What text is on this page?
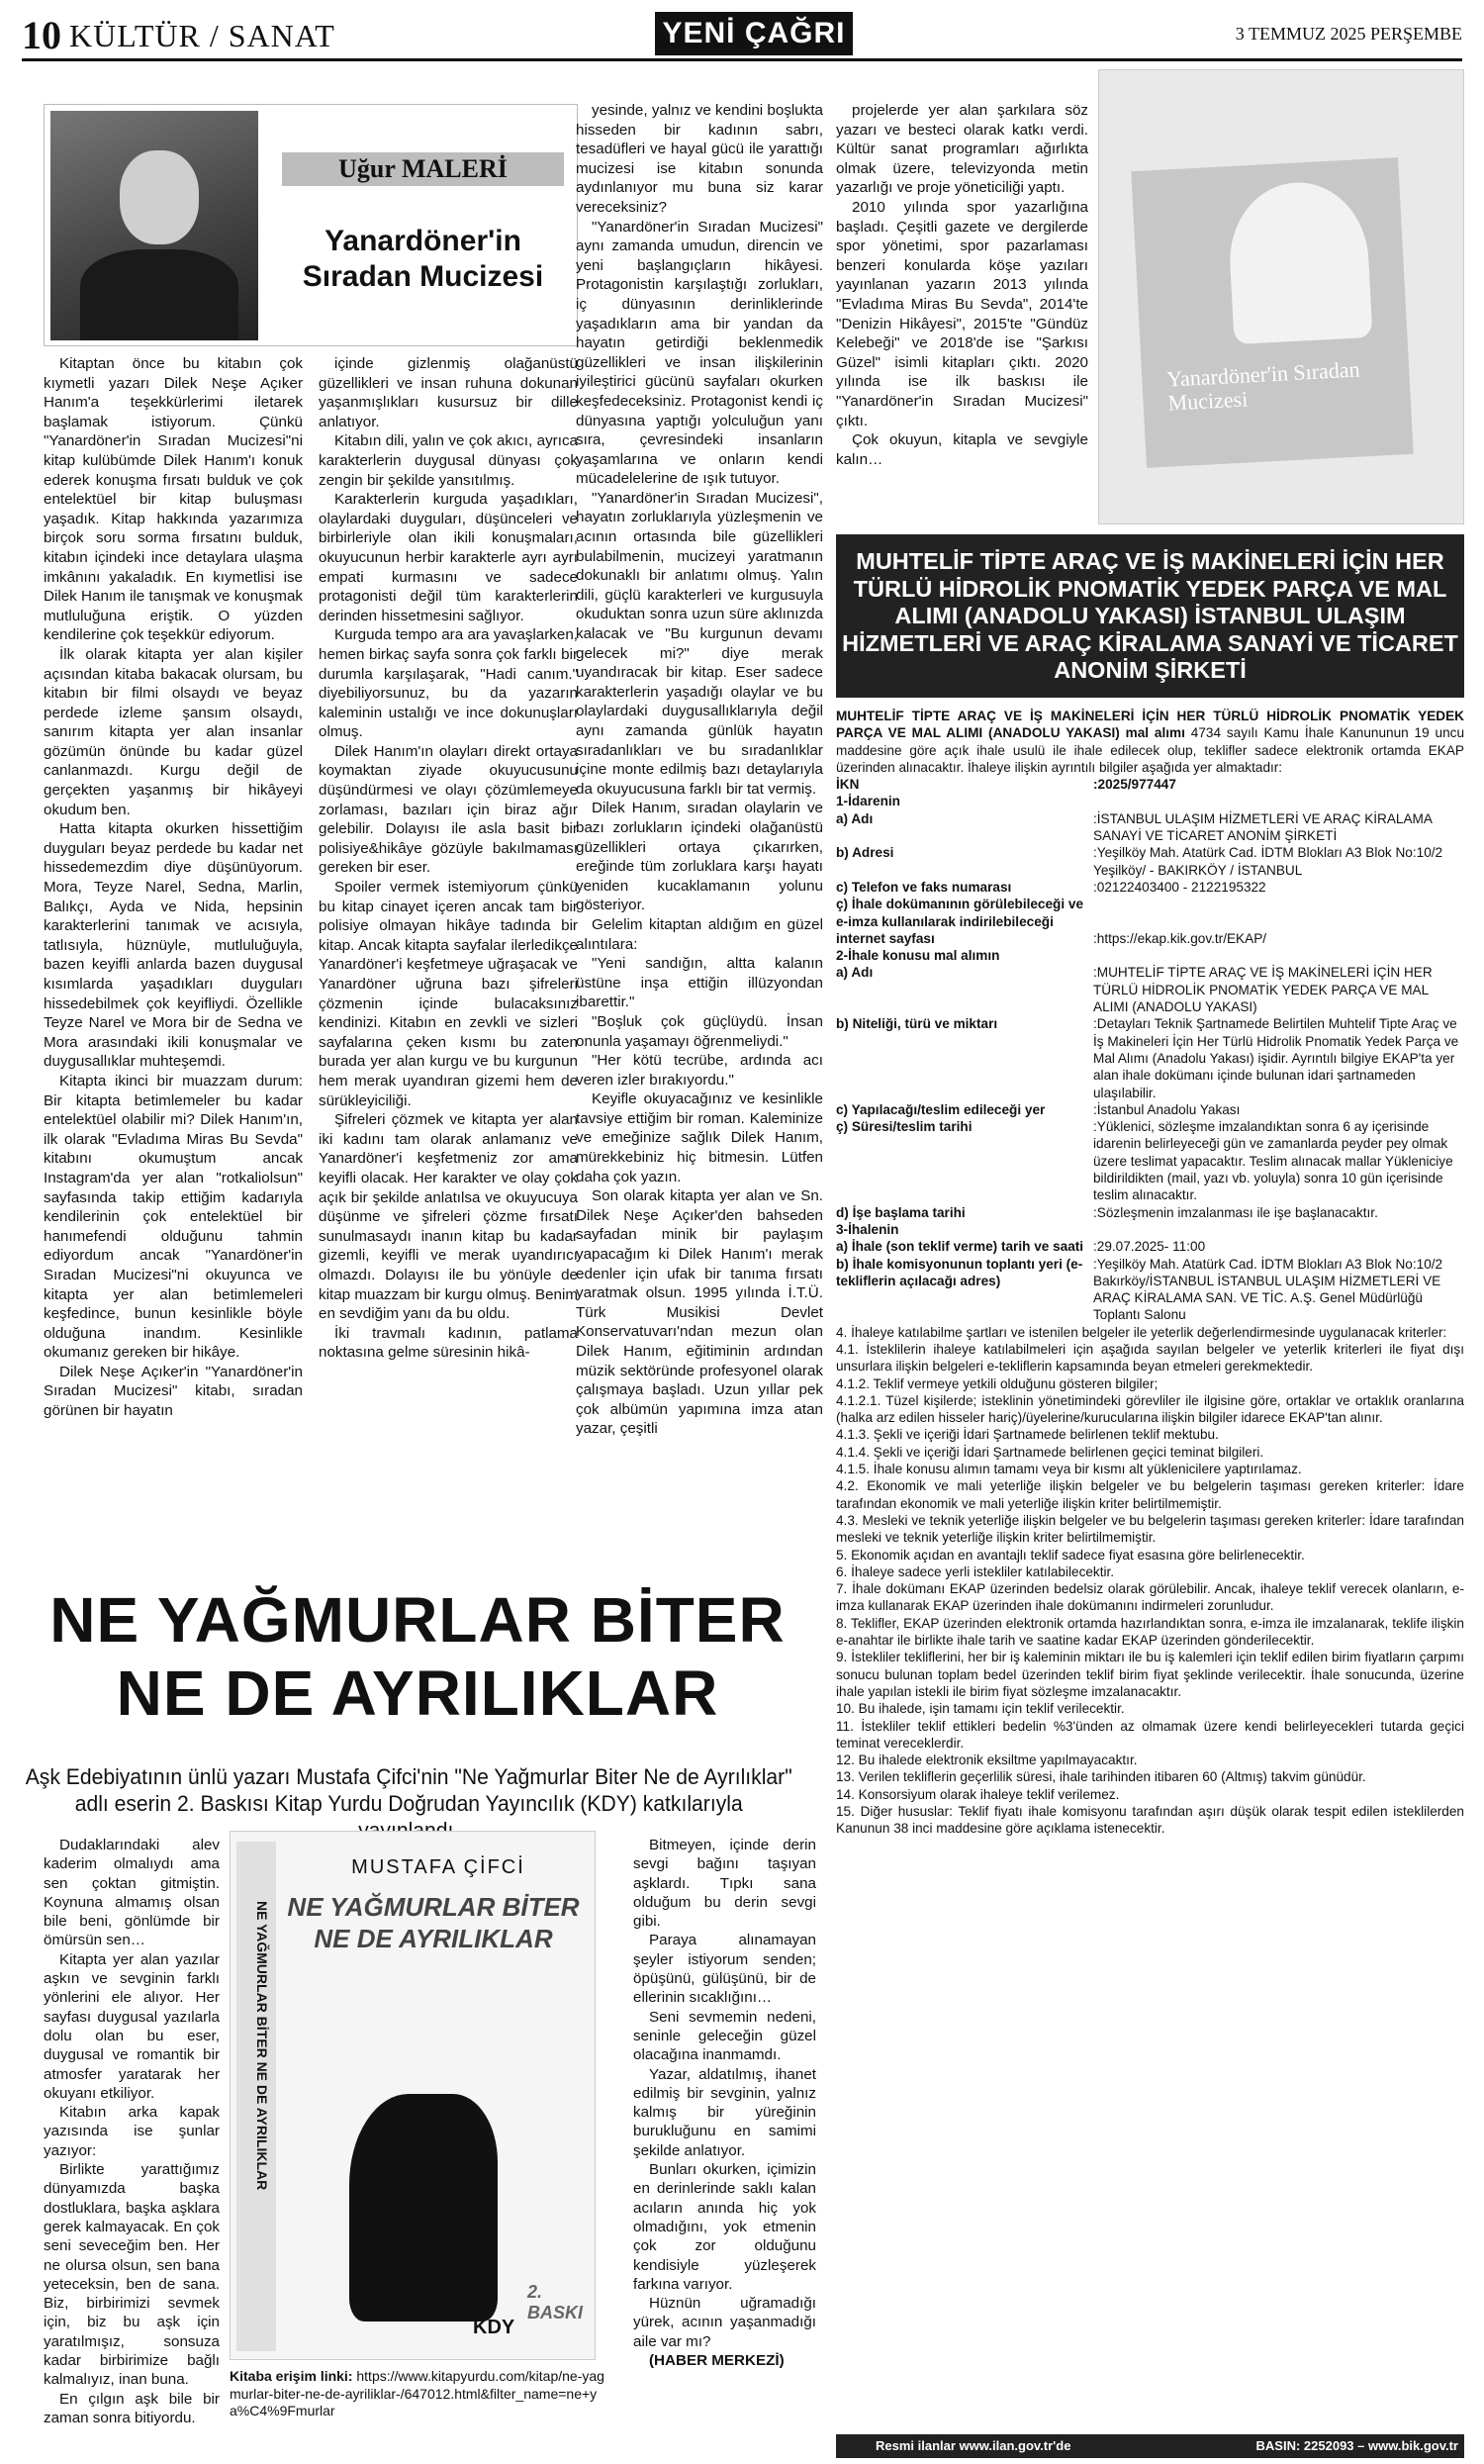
10 KÜLTÜR / SANAT	YENİ ÇAĞRI	3 TEMMUZ 2025 PERŞEMBE
Uğur MALERİ
Yanardöner'in Sıradan Mucizesi

Kitaptan önce bu kitabın çok kıymetli yazarı Dilek Neşe Açıker Hanım'a teşekkürlerimi iletarek başlamak istiyorum. Çünkü "Yanardöner'in Sıradan Mucizesi"ni kitap kulübümde Dilek Hanım'ı konuk ederek konuşma fırsatı bulduk ve çok entelektüel bir kitap buluşması yaşadık. Kitap hakkında yazarımıza birçok soru sorma fırsatını bulduk, kitabın içindeki ince detaylara ulaşma imkânını yakaladık. En kıymetlisi ise Dilek Hanım ile tanışmak ve konuşmak mutluluğuna eriştik. O yüzden kendilerine çok teşekkür ediyorum.

İlk olarak kitapta yer alan kişiler açısından kitaba bakacak olursam, bu kitabın bir filmi olsaydı ve beyaz perdede izleme şansım olsaydı, sanırım kitapta yer alan insanlar gözümün önünde bu kadar güzel canlanmazdı. Kurgu değil de gerçekten yaşanmış bir hikâyeyi okudum ben.

Hatta kitapta okurken hissettiğim duyguları beyaz perdede bu kadar net hissedemezdim diye düşünüyorum. Mora, Teyze Narel, Sedna, Marlin, Balıkçı, Ayda ve Nida, hepsinin karakterlerini tanımak ve acısıyla, tatlısıyla, hüznüyle, mutluluğuyla, bazen keyifli anlarda bazen duygusal kısımlarda yaşadıkları duyguları hissedebilmek çok keyifliydi. Özellikle Teyze Narel ve Mora bir de Sedna ve Mora arasındaki ikili konuşmalar ve duygusallıklar muhteşemdi.

Kitapta ikinci bir muazzam durum: Bir kitapta betimlemeler bu kadar entelektüel olabilir mi? Dilek Hanım'ın, ilk olarak "Evladıma Miras Bu Sevda" kitabını okumuştum ancak Instagram'da yer alan "rotkaliolsun" sayfasında takip ettiğim kadarıyla kendilerinin çok entelektüel bir hanımefendi olduğunu tahmin ediyordum ancak "Yanardöner'in Sıradan Mucizesi"ni okuyunca ve kitapta yer alan betimlemeleri keşfedince, bunun kesinlikle böyle olduğuna inandım. Kesinlikle okumanız gereken bir hikâye.

Dilek Neşe Açıker'in "Yanardöner'in Sıradan Mucizesi" kitabı, sıradan görünen bir hayatın

içinde gizlenmiş olağanüstü güzellikleri ve insan ruhuna dokunan yaşanmışlıkları kusursuz bir dille anlatıyor.

Kitabın dili, yalın ve çok akıcı, ayrıca karakterlerin duygusal dünyası çok zengin bir şekilde yansıtılmış.

Karakterlerin kurguda yaşadıkları, olaylardaki duyguları, düşünceleri ve birbirleriyle olan ikili konuşmaları, okuyucunun herbir karakterle ayrı ayrı empati kurmasını ve sadece protagonisti değil tüm karakterlerin derinden hissetmesini sağlıyor.

Kurguda tempo ara ara yavaşlarken, hemen birkaç sayfa sonra çok farklı bir durumla karşılaşarak, "Hadi canım." diyebiliyorsunuz, bu da yazarın kaleminin ustalığı ve ince dokunuşları olmuş.

Dilek Hanım'ın olayları direkt ortaya koymaktan ziyade okuyucusunu düşündürmesi ve olayı çözümlemeye zorlaması, bazıları için biraz ağır gelebilir. Dolayısı ile asla basit bir polisiye&hikâye gözüyle bakılmaması gereken bir eser.

Spoiler vermek istemiyorum çünkü bu kitap cinayet içeren ancak tam bir polisiye olmayan hikâye tadında bir kitap. Ancak kitapta sayfalar ilerledikçe Yanardöner'i keşfetmeye uğraşacak ve Yanardöner uğruna bazı şifreleri çözmenin içinde bulacaksınız kendinizi. Kitabın en zevkli ve sizleri sayfalarına çeken kısmı bu zaten burada yer alan kurgu ve bu kurgunun hem merak uyandıran gizemi hem de sürükleyiciliği.

Şifreleri çözmek ve kitapta yer alan iki kadını tam olarak anlamanız ve Yanardöner'i keşfetmeniz zor ama keyifli olacak. Her karakter ve olay çok açık bir şekilde anlatılsa ve okuyucuya düşünme ve şifreleri çözme fırsatı sunulmasaydı inanın kitap bu kadar gizemli, keyifli ve merak uyandırıcı olmazdı. Dolayısı ile bu yönüyle de kitap muazzam bir kurgu olmuş. Benim en sevdiğim yanı da bu oldu.

İki travmalı kadının, patlama noktasına gelme süresinin hikâ-

yesinde, yalnız ve kendini boşlukta hisseden bir kadının sabrı, tesadüfleri ve hayal gücü ile yarattığı mucizesi ise kitabın sonunda aydınlanıyor mu buna siz karar vereceksiniz?

"Yanardöner'in Sıradan Mucizesi" aynı zamanda umudun, direncin ve yeni başlangıçların hikâyesi. Protagonistin karşılaştığı zorlukları, iç dünyasının derinliklerinde yaşadıkların ama bir yandan da hayatın getirdiği beklenmedik güzellikleri ve insan ilişkilerinin iyileştirici gücünü sayfaları okurken keşfedeceksiniz. Protagonist kendi iç dünyasına yaptığı yolculuğun yanı sıra, çevresindeki insanların yaşamlarına ve onların kendi mücadelelerine de ışık tutuyor.

"Yanardöner'in Sıradan Mucizesi", hayatın zorluklarıyla yüzleşmenin ve acının ortasında bile güzellikleri bulabilmenin, mucizeyi yaratmanın dokunaklı bir anlatımı olmuş. Yalın dili, güçlü karakterleri ve kurgusuyla okuduktan sonra uzun süre aklınızda kalacak ve "Bu kurgunun devamı gelecek mi?" diye merak uyandıracak bir kitap. Eser sadece karakterlerin yaşadığı olaylar ve bu olaylardaki duygusallıklarıyla değil aynı zamanda günlük hayatın sıradanlıkları ve bu sıradanlıklar içine monte edilmiş bazı detaylarıyla da okuyucusuna farklı bir tat vermiş.

Dilek Hanım, sıradan olaylarin ve bazı zorlukların içindeki olağanüstü güzellikleri ortaya çıkarırken, ereğinde tüm zorluklara karşı hayatı yeniden kucaklamanın yolunu gösteriyor.

Gelelim kitaptan aldığım en güzel alıntılara:

"Yeni sandığın, altta kalanın üstüne inşa ettiğin illüzyondan ibarettir."

"Boşluk çok güçlüydü. İnsan onunla yaşamayı öğrenmeliydi."

"Her kötü tecrübe, ardında acı veren izler bırakıyordu."

Keyifle okuyacağınız ve kesinlikle tavsiye ettiğim bir roman. Kaleminize ve emeğinize sağlık Dilek Hanım, mürekkebiniz hiç bitmesin. Lütfen daha çok yazın.

Son olarak kitapta yer alan ve Sn. Dilek Neşe Açıker'den bahseden sayfadan minik bir paylaşım yapacağım ki Dilek Hanım'ı merak edenler için ufak bir tanıma fırsatı yaratmak olsun. 1995 yılında İ.T.Ü. Türk Musikisi Devlet Konservatuvarı'ndan mezun olan Dilek Hanım, eğitiminin ardından müzik sektöründe profesyonel olarak çalışmaya başladı. Uzun yıllar pek çok albümün yapımına imza atan yazar, çeşitli

projelerde yer alan şarkılara söz yazarı ve besteci olarak katkı verdi. Kültür sanat programları ağırlıkta olmak üzere, televizyonda metin yazarlığı ve proje yöneticiliği yaptı.

2010 yılında spor yazarlığına başladı. Çeşitli gazete ve dergilerde spor yönetimi, spor pazarlaması benzeri konularda köşe yazıları yayınlanan yazarın 2013 yılında "Evladıma Miras Bu Sevda", 2014'te "Denizin Hikâyesi", 2015'te "Gündüz Kelebeği" ve 2018'de ise "Şarkısı Güzel" isimli kitapları çıktı. 2020 yılında ise ilk baskısı ile "Yanardöner'in Sıradan Mucizesi" çıktı.

Çok okuyun, kitapla ve sevgiyle kalın…

Yanardöner'in Sıradan Mucizesi
MUHTELİF TİPTE ARAÇ VE İŞ MAKİNELERİ İÇİN HER TÜRLÜ HİDROLİK PNOMATİK YEDEK PARÇA VE MAL ALIMI (ANADOLU YAKASI) İSTANBUL ULAŞIM HİZMETLERİ VE ARAÇ KİRALAMA SANAYİ VE TİCARET ANONİM ŞİRKETİ
MUHTELİF TİPTE ARAÇ VE İŞ MAKİNELERİ İÇİN HER TÜRLÜ HİDROLİK PNOMATİK YEDEK PARÇA VE MAL ALIMI (ANADOLU YAKASI) mal alımı 4734 sayılı Kamu İhale Kanununun 19 uncu maddesine göre açık ihale usulü ile ihale edilecek olup, teklifler sadece elektronik ortamda EKAP üzerinden alınacaktır. İhaleye ilişkin ayrıntılı bilgiler aşağıda yer almaktadır:
İKN	:2025/977447
1-İdarenin
a) Adı	:İSTANBUL ULAŞIM HİZMETLERİ VE ARAÇ KİRALAMA SANAYİ VE TİCARET ANONİM ŞİRKETİ
b) Adresi	:Yeşilköy Mah. Atatürk Cad. İDTM Blokları A3 Blok No:10/2 Yeşilköy/ - BAKIRKÖY / İSTANBUL
c) Telefon ve faks numarası	:02122403400 - 2122195322
ç) İhale dokümanının görülebileceği ve e-imza kullanılarak indirilebileceği internet sayfası	:https://ekap.kik.gov.tr/EKAP/
2-İhale konusu mal alımın
a) Adı	:MUHTELİF TİPTE ARAÇ VE İŞ MAKİNELERİ İÇİN HER TÜRLÜ HİDROLİK PNOMATİK YEDEK PARÇA VE MAL ALIMI (ANADOLU YAKASI)
b) Niteliği, türü ve miktarı	:Detayları Teknik Şartnamede Belirtilen Muhtelif Tipte Araç ve İş Makineleri İçin Her Türlü Hidrolik Pnomatik Yedek Parça ve Mal Alımı (Anadolu Yakası) işidir. Ayrıntılı bilgiye EKAP'ta yer alan ihale dokümanı içinde bulunan idari şartnameden ulaşılabilir.
c) Yapılacağı/teslim edileceği yer	:İstanbul Anadolu Yakası
ç) Süresi/teslim tarihi	:Yüklenici, sözleşme imzalandıktan sonra 6 ay içerisinde idarenin belirleyeceği gün ve zamanlarda peyder pey olmak üzere teslimat yapacaktır. Teslim alınacak mallar Yükleniciye bildirildikten (mail, yazı vb. yoluyla) sonra 10 gün içerisinde teslim alınacaktır.
d) İşe başlama tarihi	:Sözleşmenin imzalanması ile işe başlanacaktır.
3-İhalenin
a) İhale (son teklif verme) tarih ve saati :29.07.2025- 11:00
b) İhale komisyonunun toplantı yeri (e-tekliflerin açılacağı adres)
:Yeşilköy Mah. Atatürk Cad. İDTM Blokları A3 Blok No:10/2 Bakırköy/İSTANBUL İSTANBUL ULAŞIM HİZMETLERİ VE ARAÇ KİRALAMA SAN. VE TİC. A.Ş. Genel Müdürlüğü Toplantı Salonu
4. İhaleye katılabilme şartları ve istenilen belgeler ile yeterlik değerlendirmesinde uygulanacak kriterler:
4.1. İsteklilerin ihaleye katılabilmeleri için aşağıda sayılan belgeler ve yeterlik kriterleri ile fiyat dışı unsurlara ilişkin belgeleri e-tekliflerin kapsamında beyan etmeleri gerekmektedir.
4.1.2. Teklif vermeye yetkili olduğunu gösteren bilgiler;
4.1.2.1. Tüzel kişilerde; isteklinin yönetimindeki görevliler ile ilgisine göre, ortaklar ve ortaklık oranlarına (halka arz edilen hisseler hariç)/üyelerine/kurucularına ilişkin bilgiler idarece EKAP'tan alınır.
4.1.3. Şekli ve içeriği İdari Şartnamede belirlenen teklif mektubu.
4.1.4. Şekli ve içeriği İdari Şartnamede belirlenen geçici teminat bilgileri.
4.1.5. İhale konusu alımın tamamı veya bir kısmı alt yüklenicilere yaptırılamaz.
4.2. Ekonomik ve mali yeterliğe ilişkin belgeler ve bu belgelerin taşıması gereken kriterler: İdare tarafından ekonomik ve mali yeterliğe ilişkin kriter belirtilmemiştir.
4.3. Mesleki ve teknik yeterliğe ilişkin belgeler ve bu belgelerin taşıması gereken kriterler: İdare tarafından mesleki ve teknik yeterliğe ilişkin kriter belirtilmemiştir.
5. Ekonomik açıdan en avantajlı teklif sadece fiyat esasına göre belirlenecektir.
6. İhaleye sadece yerli istekliler katılabilecektir.
7. İhale dokümanı EKAP üzerinden bedelsiz olarak görülebilir. Ancak, ihaleye teklif verecek olanların, e-imza kullanarak EKAP üzerinden ihale dokümanını indirmeleri zorunludur.
8. Teklifler, EKAP üzerinden elektronik ortamda hazırlandıktan sonra, e-imza ile imzalanarak, teklife ilişkin e-anahtar ile birlikte ihale tarih ve saatine kadar EKAP üzerinden gönderilecektir.
9. İstekliler tekliflerini, her bir iş kaleminin miktarı ile bu iş kalemleri için teklif edilen birim fiyatların çarpımı sonucu bulunan toplam bedel üzerinden teklif birim fiyat şeklinde verilecektir. İhale sonucunda, üzerine ihale yapılan istekli ile birim fiyat sözleşme imzalanacaktır.
10. Bu ihalede, işin tamamı için teklif verilecektir.
11. İstekliler teklif ettikleri bedelin %3'ünden az olmamak üzere kendi belirleyecekleri tutarda geçici teminat vereceklerdir.
12. Bu ihalede elektronik eksiltme yapılmayacaktır.
13. Verilen tekliflerin geçerlilik süresi, ihale tarihinden itibaren 60 (Altmış) takvim günüdür.
14. Konsorsiyum olarak ihaleye teklif verilemez.
15. Diğer hususlar: Teklif fiyatı ihale komisyonu tarafından aşırı düşük olarak tespit edilen isteklilerden Kanunun 38 inci maddesine göre açıklama istenecektir.
Resmi ilanlar www.ilan.gov.tr'de	BASIN: 2252093 – www.bik.gov.tr
NE YAĞMURLAR BİTER NE DE AYRILIKLAR
Aşk Edebiyatının ünlü yazarı Mustafa Çifci'nin "Ne Yağmurlar Biter Ne de Ayrılıklar" adlı eserin 2. Baskısı Kitap Yurdu Doğrudan Yayıncılık (KDY) katkılarıyla

Dudaklarındaki alev kaderim olmalıydı ama sen çoktan gitmiştin. Koynuna almamış olsan bile beni, gönlümde bir ömürsün sen…

Kitapta yer alan yazılar aşkın ve sevginin farklı yönlerini ele alıyor. Her sayfası duygusal yazılarla dolu olan bu eser, duygusal ve romantik bir atmosfer yaratarak her okuyanı etkiliyor.

Kitabın arka kapak yazısında ise şunlar yazıyor:

Birlikte yarattığımız dünyamızda başka dostluklara, başka aşklara gerek kalmayacak. En çok seni seveceğim ben. Her ne olursa olsun, sen bana yeteceksin, ben de sana. Biz, birbirimizi sevmek için, biz bu aşk için yaratılmışız, sonsuza kadar birbirimize bağlı kalmalıyız, inan buna.

En çılgın aşk bile bir zaman sonra bitiyordu.

NE YAĞMURLAR BİTER NE DE AYRILIKLAR
MUSTAFA ÇİFCİ
NE YAĞMURLAR BİTER NE DE AYRILIKLAR
2. BASKI
KDY
Kitaba erişim linki: https://www.kitapyurdu.com/kitap/ne-yagmurlar-biter-ne-de-ayriliklar-/647012.html&filter_name=ne+ya%C4%9Fmurlar

Bitmeyen, içinde derin sevgi bağını taşıyan aşklardı. Tıpkı sana olduğum bu derin sevgi gibi.

Paraya alınamayan şeyler istiyorum senden; öpüşünü, gülüşünü, bir de ellerinin sıcaklığını…

Seni sevmemin nedeni, seninle geleceğin güzel olacağına inanmamdı.

Yazar, aldatılmış, ihanet edilmiş bir sevginin, yalnız kalmış bir yüreğinin burukluğunu en samimi şekilde anlatıyor.

Bunları okurken, içimizin en derinlerinde saklı kalan acıların anında hiç yok olmadığını, yok etmenin çok zor olduğunu kendisiyle yüzleşerek farkına varıyor.

Hüznün uğramadığı yürek, acının yaşanmadığı aile var mı?

(HABER MERKEZİ)
